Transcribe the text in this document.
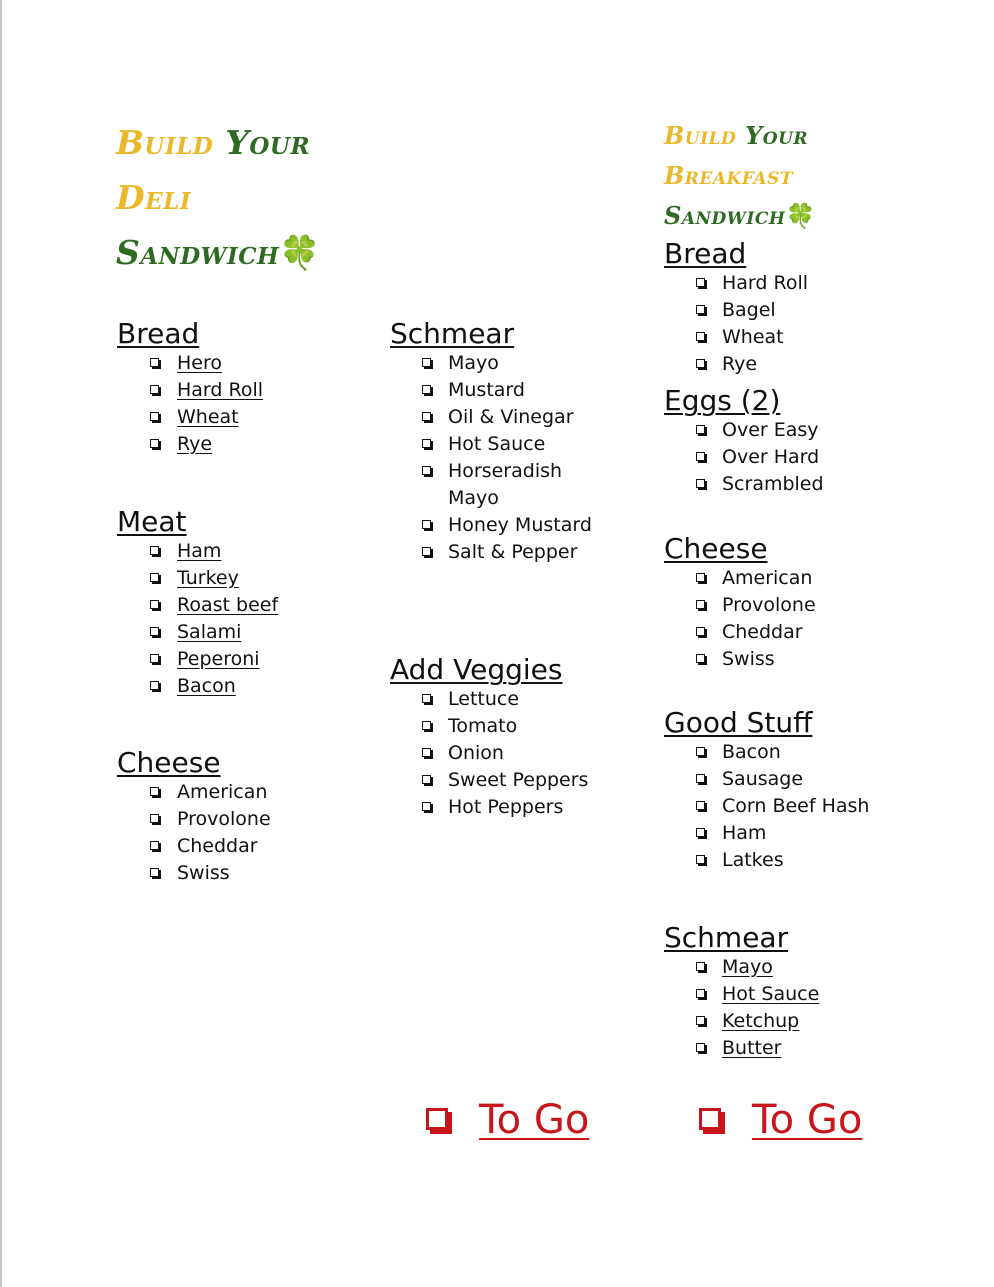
Build Your
Deli
Sandwich🍀
Bread
Hero
Hard Roll
Wheat
Rye
Meat
Ham
Turkey
Roast beef
Salami
Peperoni
Bacon
Cheese
American
Provolone
Cheddar
Swiss
Schmear
Mayo
Mustard
Oil & Vinegar
Hot Sauce
Horseradish
Mayo
Honey Mustard
Salt & Pepper
Add Veggies
Lettuce
Tomato
Onion
Sweet Peppers
Hot Peppers
To Go
Build Your
Breakfast
Sandwich🍀
Bread
Hard Roll
Bagel
Wheat
Rye
Eggs (2)
Over Easy
Over Hard
Scrambled
Cheese
American
Provolone
Cheddar
Swiss
Good Stuff
Bacon
Sausage
Corn Beef Hash
Ham
Latkes
Schmear
Mayo
Hot Sauce
Ketchup
Butter
To Go
